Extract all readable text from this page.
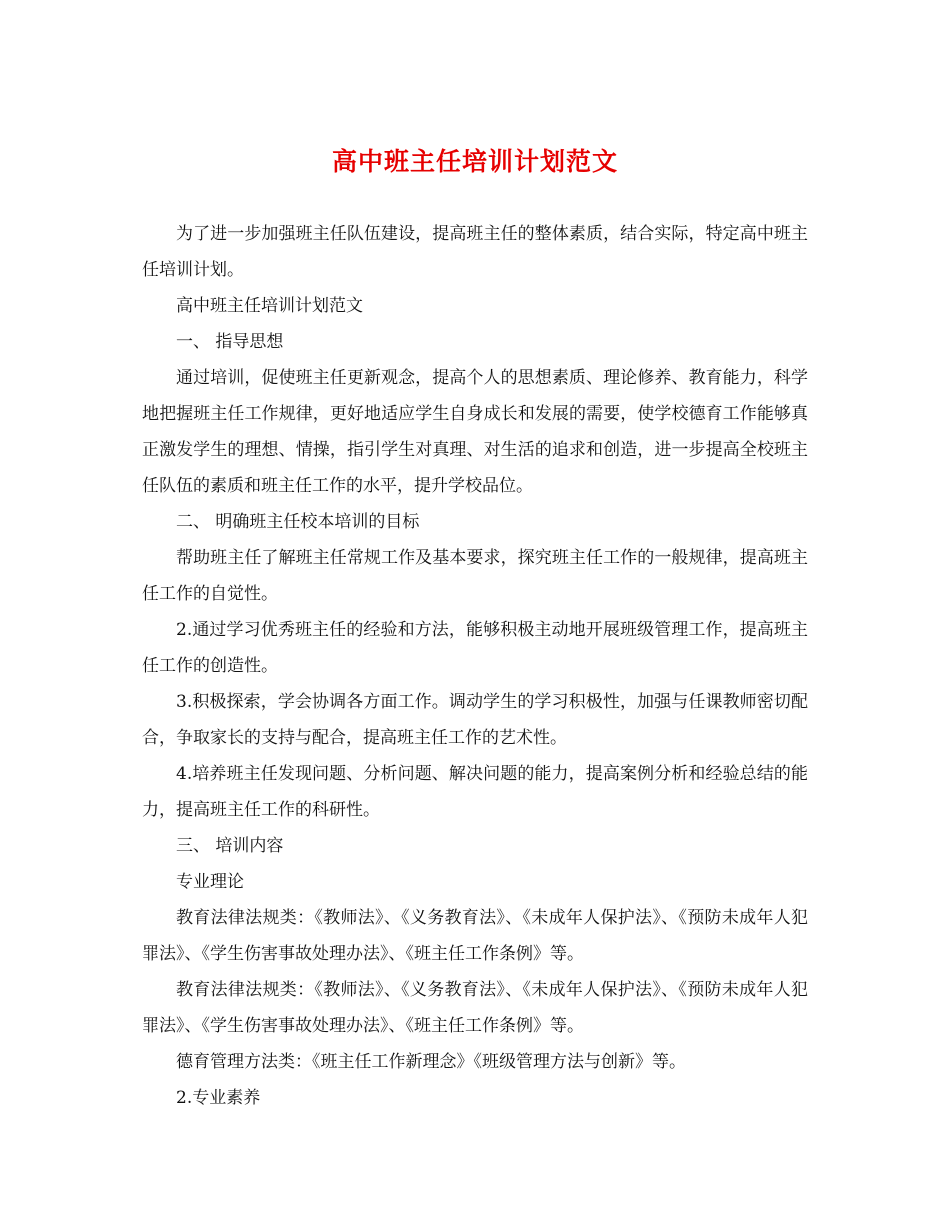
高中班主任培训计划范文

为了进一步加强班主任队伍建设，提高班主任的整体素质，结合实际，特定高中班主任培训计划。

高中班主任培训计划范文

一、 指导思想

通过培训，促使班主任更新观念，提高个人的思想素质、理论修养、教育能力，科学地把握班主任工作规律，更好地适应学生自身成长和发展的需要，使学校德育工作能够真正激发学生的理想、情操，指引学生对真理、对生活的追求和创造，进一步提高全校班主任队伍的素质和班主任工作的水平，提升学校品位。

二、 明确班主任校本培训的目标

帮助班主任了解班主任常规工作及基本要求，探究班主任工作的一般规律，提高班主任工作的自觉性。

2.通过学习优秀班主任的经验和方法，能够积极主动地开展班级管理工作，提高班主任工作的创造性。

3.积极探索，学会协调各方面工作。调动学生的学习积极性，加强与任课教师密切配合，争取家长的支持与配合，提高班主任工作的艺术性。

4.培养班主任发现问题、分析问题、解决问题的能力，提高案例分析和经验总结的能力，提高班主任工作的科研性。

三、 培训内容

专业理论

教育法律法规类：《教师法》、《义务教育法》、《未成年人保护法》、《预防未成年人犯罪法》、《学生伤害事故处理办法》、《班主任工作条例》等。

教育法律法规类：《教师法》、《义务教育法》、《未成年人保护法》、《预防未成年人犯罪法》、《学生伤害事故处理办法》、《班主任工作条例》等。

德育管理方法类：《班主任工作新理念》《班级管理方法与创新》等。

2.专业素养
